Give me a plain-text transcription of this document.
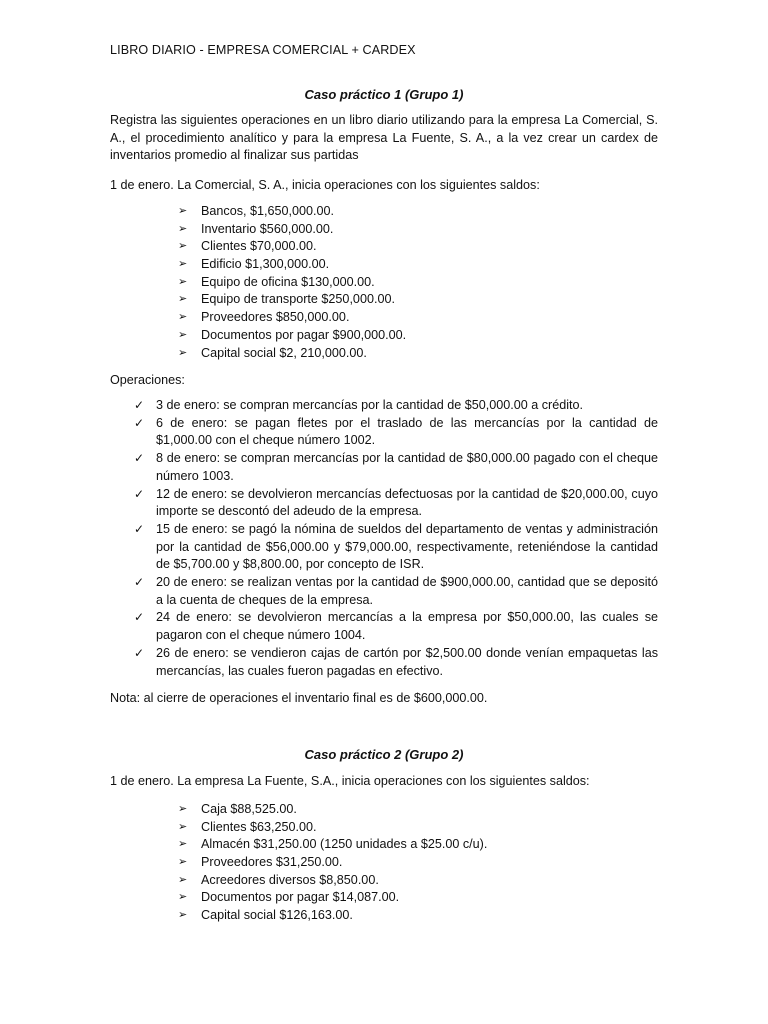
LIBRO DIARIO - EMPRESA COMERCIAL + CARDEX
Caso práctico 1 (Grupo 1)
Registra las siguientes operaciones en un libro diario utilizando para la empresa La Comercial, S. A., el procedimiento analítico y para la empresa La Fuente, S. A., a la vez crear un cardex de inventarios promedio al finalizar sus partidas
1 de enero. La Comercial, S. A., inicia operaciones con los siguientes saldos:
➢ Bancos, $1,650,000.00.
➢ Inventario $560,000.00.
➢ Clientes $70,000.00.
➢ Edificio $1,300,000.00.
➢ Equipo de oficina $130,000.00.
➢ Equipo de transporte $250,000.00.
➢ Proveedores $850,000.00.
➢ Documentos por pagar $900,000.00.
➢ Capital social $2, 210,000.00.
Operaciones:
✓ 3 de enero: se compran mercancías por la cantidad de $50,000.00 a crédito.
✓ 6 de enero: se pagan fletes por el traslado de las mercancías por la cantidad de $1,000.00 con el cheque número 1002.
✓ 8 de enero: se compran mercancías por la cantidad de $80,000.00 pagado con el cheque número 1003.
✓ 12 de enero: se devolvieron mercancías defectuosas por la cantidad de $20,000.00, cuyo importe se descontó del adeudo de la empresa.
✓ 15 de enero: se pagó la nómina de sueldos del departamento de ventas y administración por la cantidad de $56,000.00 y $79,000.00, respectivamente, reteniéndose la cantidad de $5,700.00 y $8,800.00, por concepto de ISR.
✓ 20 de enero: se realizan ventas por la cantidad de $900,000.00, cantidad que se depositó a la cuenta de cheques de la empresa.
✓ 24 de enero: se devolvieron mercancías a la empresa por $50,000.00, las cuales se pagaron con el cheque número 1004.
✓ 26 de enero: se vendieron cajas de cartón por $2,500.00 donde venían empaquetas las mercancías, las cuales fueron pagadas en efectivo.
Nota: al cierre de operaciones el inventario final es de $600,000.00.
Caso práctico 2 (Grupo 2)
1 de enero. La empresa La Fuente, S.A., inicia operaciones con los siguientes saldos:
➢ Caja $88,525.00.
➢ Clientes $63,250.00.
➢ Almacén $31,250.00 (1250 unidades a $25.00 c/u).
➢ Proveedores $31,250.00.
➢ Acreedores diversos $8,850.00.
➢ Documentos por pagar $14,087.00.
➢ Capital social $126,163.00.
